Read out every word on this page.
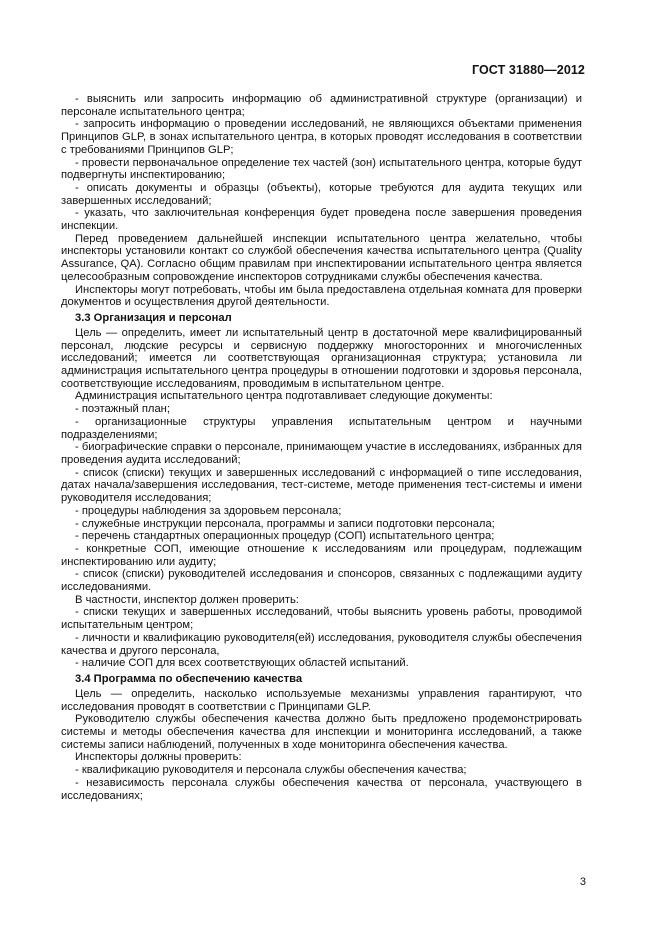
ГОСТ 31880—2012

- выяснить или запросить информацию об административной структуре (организации) и персонале испытательного центра;

- запросить информацию о проведении исследований, не являющихся объектами применения Принципов GLP, в зонах испытательного центра, в которых проводят исследования в соответствии с требованиями Принципов GLP;

- провести первоначальное определение тех частей (зон) испытательного центра, которые будут подвергнуты инспектированию;

- описать документы и образцы (объекты), которые требуются для аудита текущих или завершенных исследований;

- указать, что заключительная конференция будет проведена после завершения проведения инспекции.

Перед проведением дальнейшей инспекции испытательного центра желательно, чтобы инспекторы установили контакт со службой обеспечения качества испытательного центра (Quality Assurance, QA). Согласно общим правилам при инспектировании испытательного центра является целесообразным сопровождение инспекторов сотрудниками службы обеспечения качества.

Инспекторы могут потребовать, чтобы им была предоставлена отдельная комната для проверки документов и осуществления другой деятельности.

3.3 Организация и персонал

Цель — определить, имеет ли испытательный центр в достаточной мере квалифицированный персонал, людские ресурсы и сервисную поддержку многосторонних и многочисленных исследований; имеется ли соответствующая организационная структура; установила ли администрация испытательного центра процедуры в отношении подготовки и здоровья персонала, соответствующие исследованиям, проводимым в испытательном центре.

Администрация испытательного центра подготавливает следующие документы:

- поэтажный план;

- организационные структуры управления испытательным центром и научными подразделениями;

- биографические справки о персонале, принимающем участие в исследованиях, избранных для проведения аудита исследований;

- список (списки) текущих и завершенных исследований с информацией о типе исследования, датах начала/завершения исследования, тест-системе, методе применения тест-системы и имени руководителя исследования;

- процедуры наблюдения за здоровьем персонала;

- служебные инструкции персонала, программы и записи подготовки персонала;

- перечень стандартных операционных процедур (СОП) испытательного центра;

- конкретные СОП, имеющие отношение к исследованиям или процедурам, подлежащим инспектированию или аудиту;

- список (списки) руководителей исследования и спонсоров, связанных с подлежащими аудиту исследованиями.

В частности, инспектор должен проверить:

- списки текущих и завершенных исследований, чтобы выяснить уровень работы, проводимой испытательным центром;

- личности и квалификацию руководителя(ей) исследования, руководителя службы обеспечения качества и другого персонала,

- наличие СОП для всех соответствующих областей испытаний.

3.4 Программа по обеспечению качества

Цель — определить, насколько используемые механизмы управления гарантируют, что исследования проводят в соответствии с Принципами GLP.

Руководителю службы обеспечения качества должно быть предложено продемонстрировать системы и методы обеспечения качества для инспекции и мониторинга исследований, а также системы записи наблюдений, полученных в ходе мониторинга обеспечения качества.

Инспекторы должны проверить:

- квалификацию руководителя и персонала службы обеспечения качества;

- независимость персонала службы обеспечения качества от персонала, участвующего в исследованиях;

3
